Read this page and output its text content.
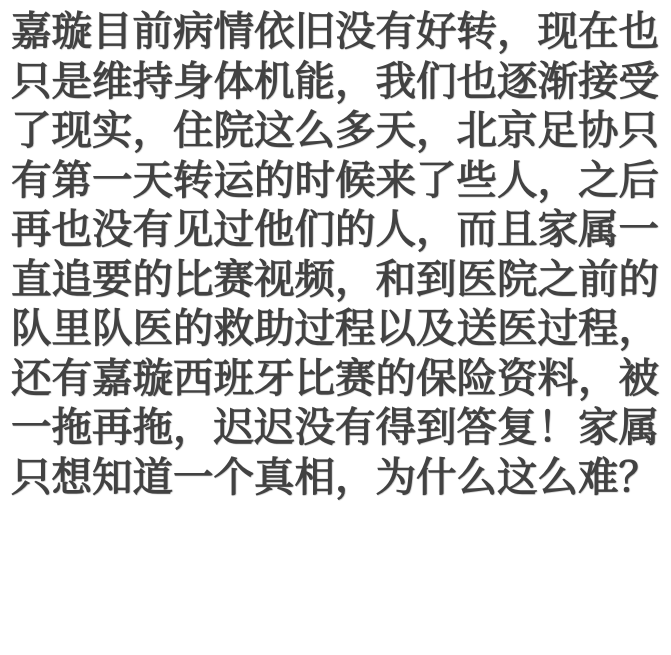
嘉璇目前病情依旧没有好转，现在也
只是维持身体机能，我们也逐渐接受
了现实，住院这么多天，北京足协只
有第一天转运的时候来了些人，之后
再也没有见过他们的人，而且家属一
直追要的比赛视频，和到医院之前的
队里队医的救助过程以及送医过程，
还有嘉璇西班牙比赛的保险资料，被
一拖再拖，迟迟没有得到答复！家属
只想知道一个真相，为什么这么难？
